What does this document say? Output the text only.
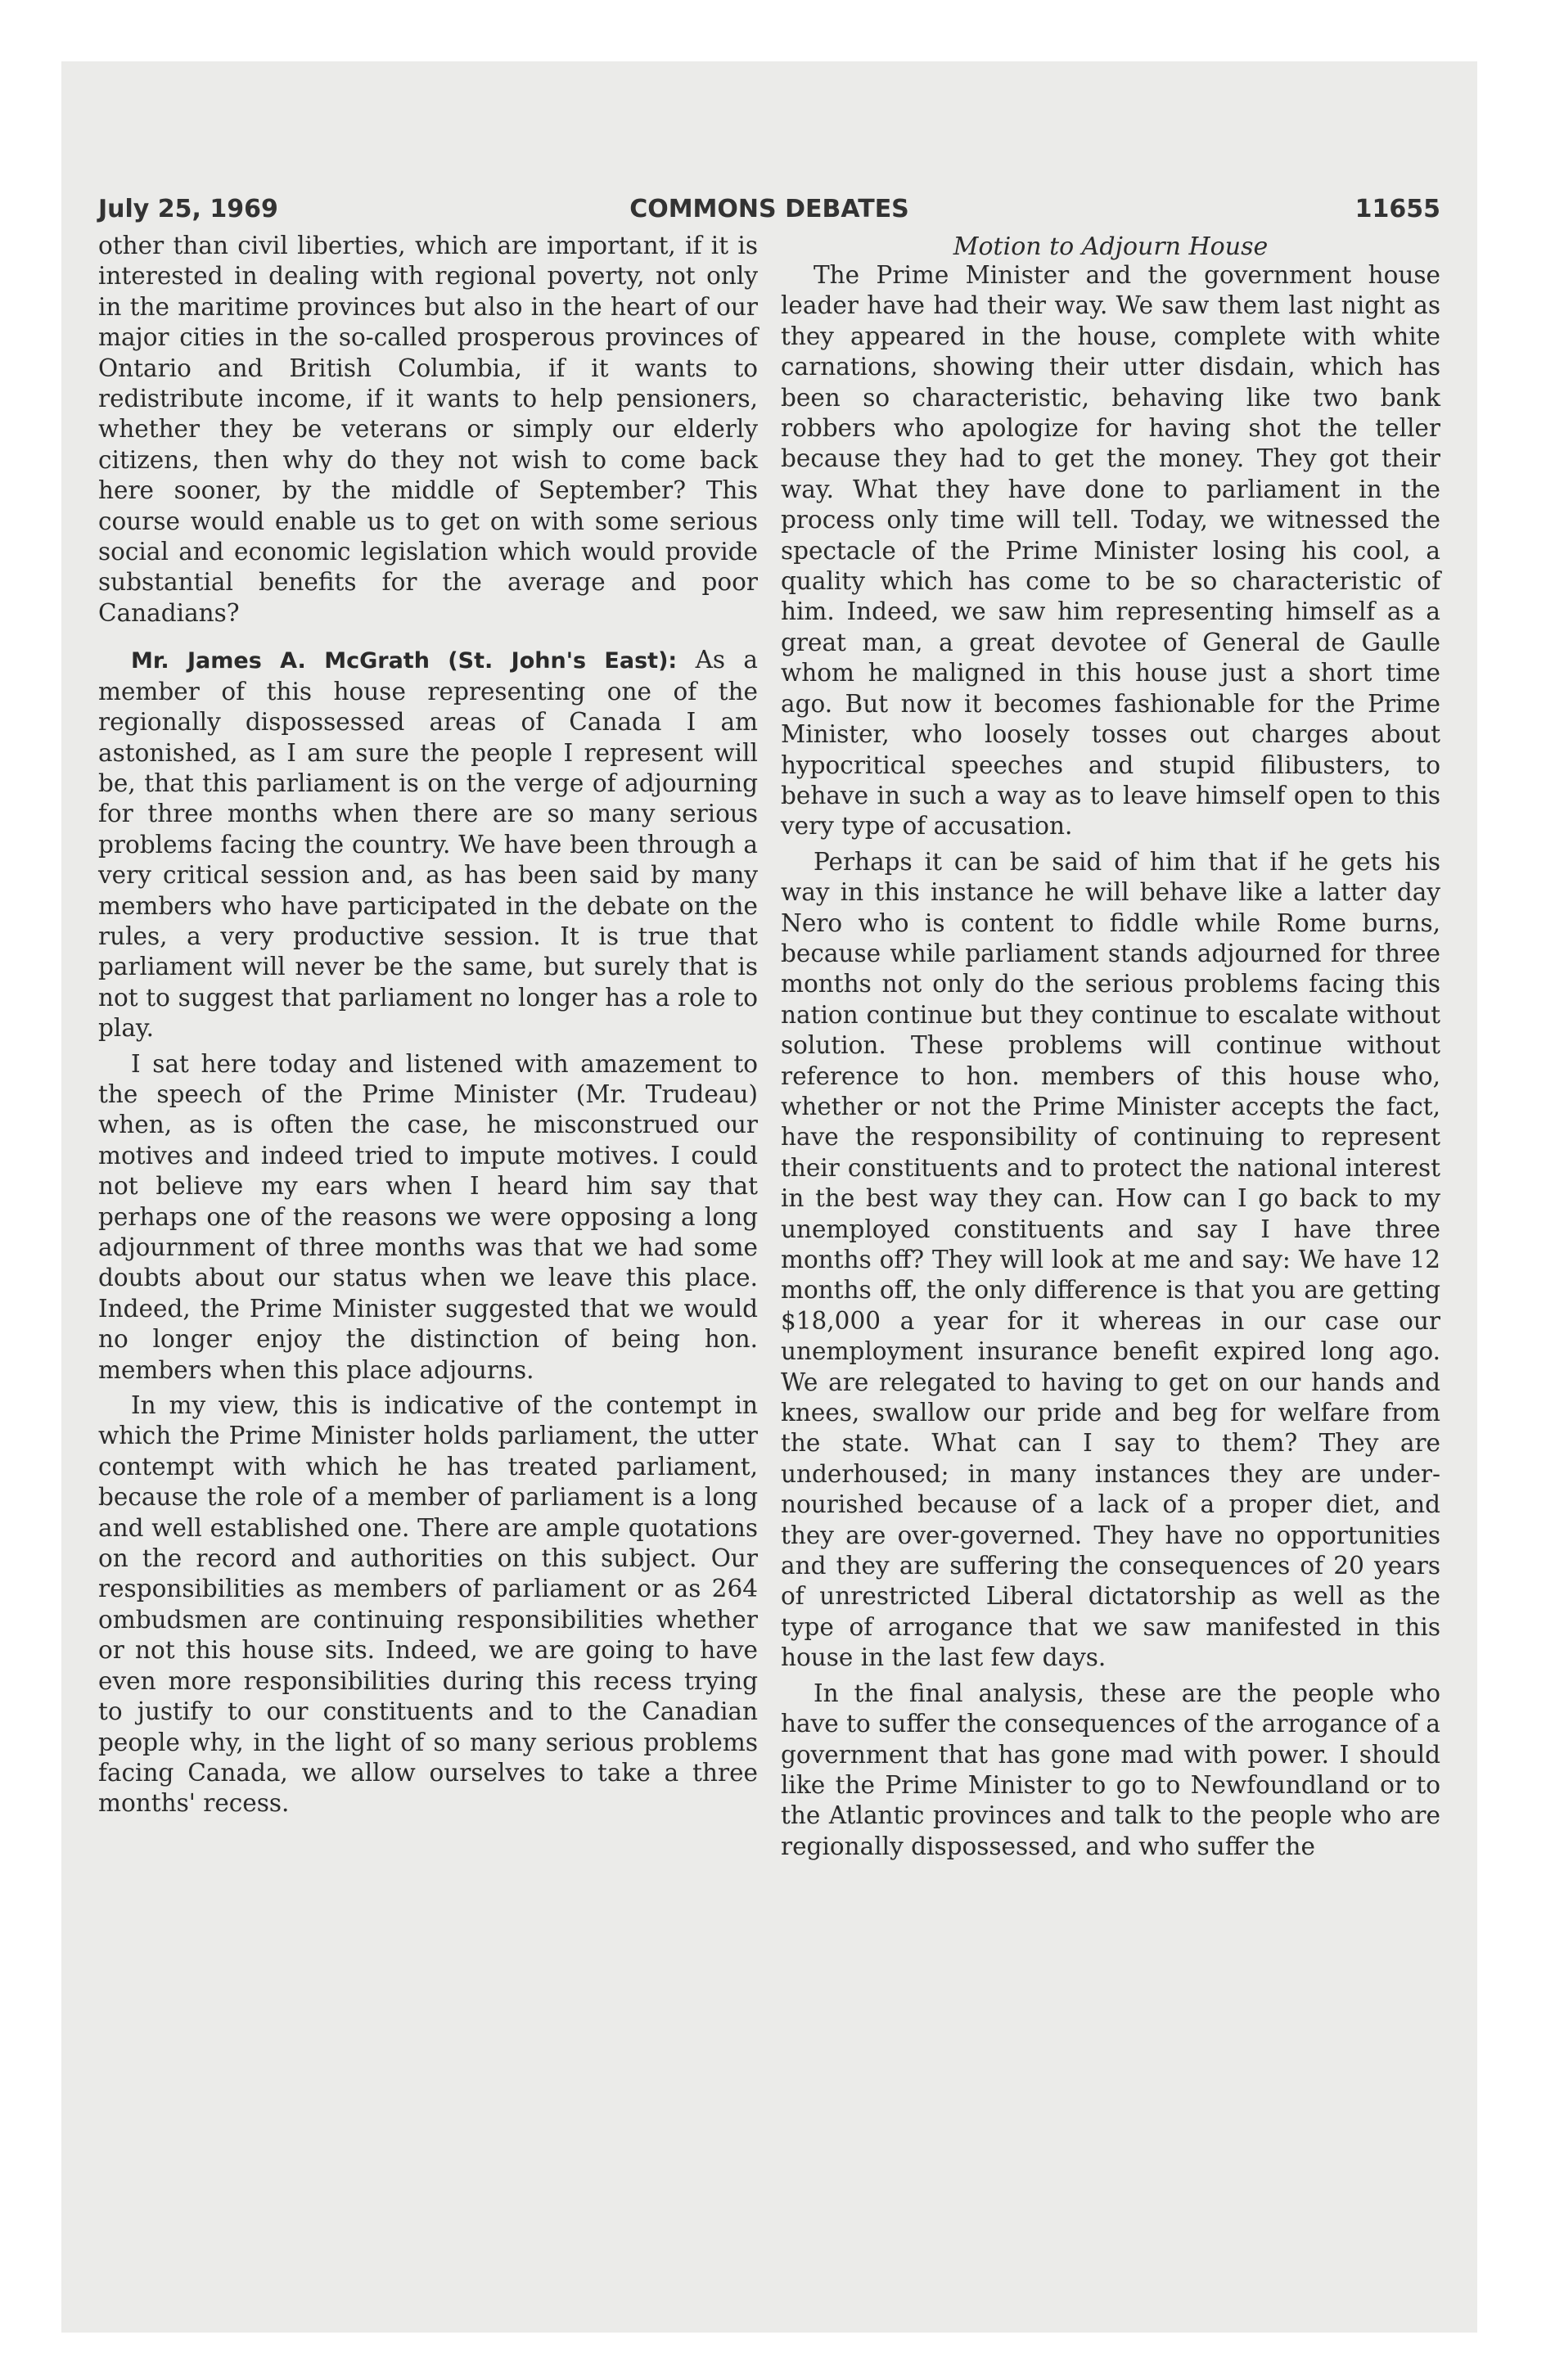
July 25, 1969	COMMONS DEBATES	11655
Motion to Adjourn House

other than civil liberties, which are important, if it is interested in dealing with regional poverty, not only in the maritime provinces but also in the heart of our major cities in the so-called prosperous provinces of Ontario and British Columbia, if it wants to redistribute income, if it wants to help pensioners, whether they be veterans or simply our elderly citizens, then why do they not wish to come back here sooner, by the middle of September? This course would enable us to get on with some serious social and economic legislation which would provide substantial benefits for the average and poor Canadians?

Mr. James A. McGrath (St. John's East): As a member of this house representing one of the regionally dispossessed areas of Canada I am astonished, as I am sure the people I represent will be, that this parliament is on the verge of adjourning for three months when there are so many serious problems facing the country. We have been through a very critical session and, as has been said by many members who have participated in the debate on the rules, a very productive session. It is true that parliament will never be the same, but surely that is not to suggest that parliament no longer has a role to play.

I sat here today and listened with amazement to the speech of the Prime Minister (Mr. Trudeau) when, as is often the case, he misconstrued our motives and indeed tried to impute motives. I could not believe my ears when I heard him say that perhaps one of the reasons we were opposing a long adjournment of three months was that we had some doubts about our status when we leave this place. Indeed, the Prime Minister suggested that we would no longer enjoy the distinction of being hon. members when this place adjourns.

In my view, this is indicative of the contempt in which the Prime Minister holds parliament, the utter contempt with which he has treated parliament, because the role of a member of parliament is a long and well established one. There are ample quotations on the record and authorities on this subject. Our responsibilities as members of parliament or as 264 ombudsmen are continuing responsibilities whether or not this house sits. Indeed, we are going to have even more responsibilities during this recess trying to justify to our constituents and to the Canadian people why, in the light of so many serious problems facing Canada, we allow ourselves to take a three months' recess.

The Prime Minister and the government house leader have had their way. We saw them last night as they appeared in the house, complete with white carnations, showing their utter disdain, which has been so characteristic, behaving like two bank robbers who apologize for having shot the teller because they had to get the money. They got their way. What they have done to parliament in the process only time will tell. Today, we witnessed the spectacle of the Prime Minister losing his cool, a quality which has come to be so characteristic of him. Indeed, we saw him representing himself as a great man, a great devotee of General de Gaulle whom he maligned in this house just a short time ago. But now it becomes fashionable for the Prime Minister, who loosely tosses out charges about hypocritical speeches and stupid filibusters, to behave in such a way as to leave himself open to this very type of accusation.

Perhaps it can be said of him that if he gets his way in this instance he will behave like a latter day Nero who is content to fiddle while Rome burns, because while parliament stands adjourned for three months not only do the serious problems facing this nation continue but they continue to escalate without solution. These problems will continue without reference to hon. members of this house who, whether or not the Prime Minister accepts the fact, have the responsibility of continuing to represent their constituents and to protect the national interest in the best way they can. How can I go back to my unemployed constituents and say I have three months off? They will look at me and say: We have 12 months off, the only difference is that you are getting $18,000 a year for it whereas in our case our unemployment insurance benefit expired long ago. We are relegated to having to get on our hands and knees, swallow our pride and beg for welfare from the state. What can I say to them? They are underhoused; in many instances they are under-nourished because of a lack of a proper diet, and they are over-governed. They have no opportunities and they are suffering the consequences of 20 years of unrestricted Liberal dictatorship as well as the type of arrogance that we saw manifested in this house in the last few days.

In the final analysis, these are the people who have to suffer the consequences of the arrogance of a government that has gone mad with power. I should like the Prime Minister to go to Newfoundland or to the Atlantic provinces and talk to the people who are regionally dispossessed, and who suffer the
